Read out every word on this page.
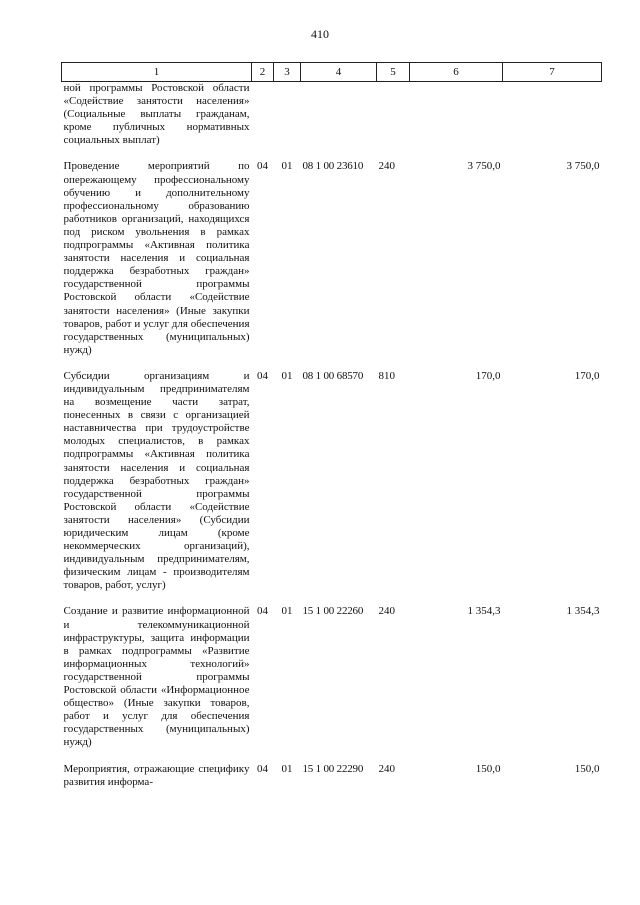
410
1	2	3	4	5	6	7
ной программы Ростовской области «Содействие занятости населения» (Социальные выплаты гражданам, кроме публичных нормативных социальных выплат)						

Проведение мероприятий по опережающему профессиональному обучению и дополнительному профессиональному образованию работников организаций, находящихся под риском увольнения в рамках подпрограммы «Активная политика занятости населения и социальная поддержка безработных граждан» государственной программы Ростовской области «Содействие занятости населения» (Иные закупки товаров, работ и услуг для обеспечения государственных (муниципальных) нужд)	04	01	08 1 00 23610	240	3 750,0	3 750,0

Субсидии организациям и индивидуальным предпринимателям на возмещение части затрат, понесенных в связи с организацией наставничества при трудоустройстве молодых специалистов, в рамках подпрограммы «Активная политика занятости населения и социальная поддержка безработных граждан» государственной программы Ростовской области «Содействие занятости населения» (Субсидии юридическим лицам (кроме некоммерческих организаций), индивидуальным предпринимателям, физическим лицам - производителям товаров, работ, услуг)	04	01	08 1 00 68570	810	170,0	170,0

Создание и развитие информационной и телекоммуникационной инфраструктуры, защита информации в рамках подпрограммы «Развитие информационных технологий» государственной программы Ростовской области «Информационное общество» (Иные закупки товаров, работ и услуг для обеспечения государственных (муниципальных) нужд)	04	01	15 1 00 22260	240	1 354,3	1 354,3

Мероприятия, отражающие специфику развития информа-	04	01	15 1 00 22290	240	150,0	150,0
